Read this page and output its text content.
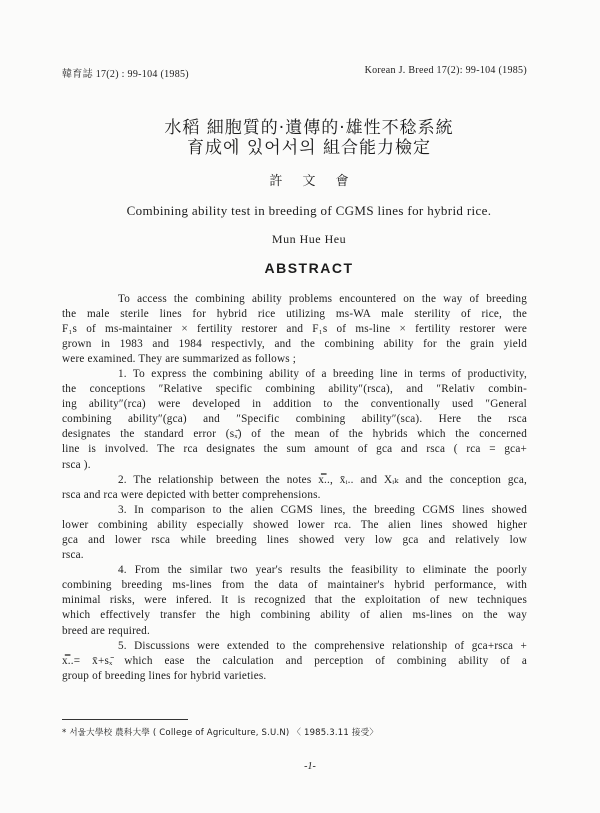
韓育誌 17(2) : 99-104 (1985)	Korean J. Breed 17(2): 99-104 (1985)
水稻 細胞質的·遺傳的·雄性不稔系統
育成에 있어서의 組合能力檢定
許 文 會
Combining ability test in breeding of CGMS lines for hybrid rice.
Mun Hue Heu
ABSTRACT
To access the combining ability problems encountered on the way of breeding
the male sterile lines for hybrid rice utilizing ms-WA male sterility of rice, the
F₁s of ms-maintainer × fertility restorer and F₁s of ms-line × fertility restorer were
grown in 1983 and 1984 respectivly, and the combining ability for the grain yield
were examined. They are summarized as follows ;
1. To express the combining ability of a breeding line in terms of productivity,
the conceptions ″Relative specific combining ability″(rsca), and ″Relativ combin-
ing ability″(rca) were developed in addition to the conventionally used ″General
combining ability″(gca) and ″Specific combining ability″(sca). Here the rsca
designates the standard error (sₓ̄) of the mean of the hybrids which the concerned
line is involved. The rca designates the sum amount of gca and rsca ( rca = gca+
rsca ).
2. The relationship between the notes x̿.., x̄ᵢ.. and Xᵢₖ and the conception gca,
rsca and rca were depicted with better comprehensions.
3. In comparison to the alien CGMS lines, the breeding CGMS lines showed
lower combining ability especially showed lower rca. The alien lines showed higher
gca and lower rsca while breeding lines showed very low gca and relatively low
rsca.
4. From the similar two year's results the feasibility to eliminate the poorly
combining breeding ms-lines from the data of maintainer's hybrid performance, with
minimal risks, were infered. It is recognized that the exploitation of new techniques
which effectively transfer the high combining ability of alien ms-lines on the way
breed are required.
5. Discussions were extended to the comprehensive relationship of gca+rsca +
x̿..= x̄+sₓ̄ which ease the calculation and perception of combining ability of a
group of breeding lines for hybrid varieties.
* 서울大學校 農科大學 ( College of Agriculture, S.U.N) 〈 1985.3.11 接受〉
-1-
